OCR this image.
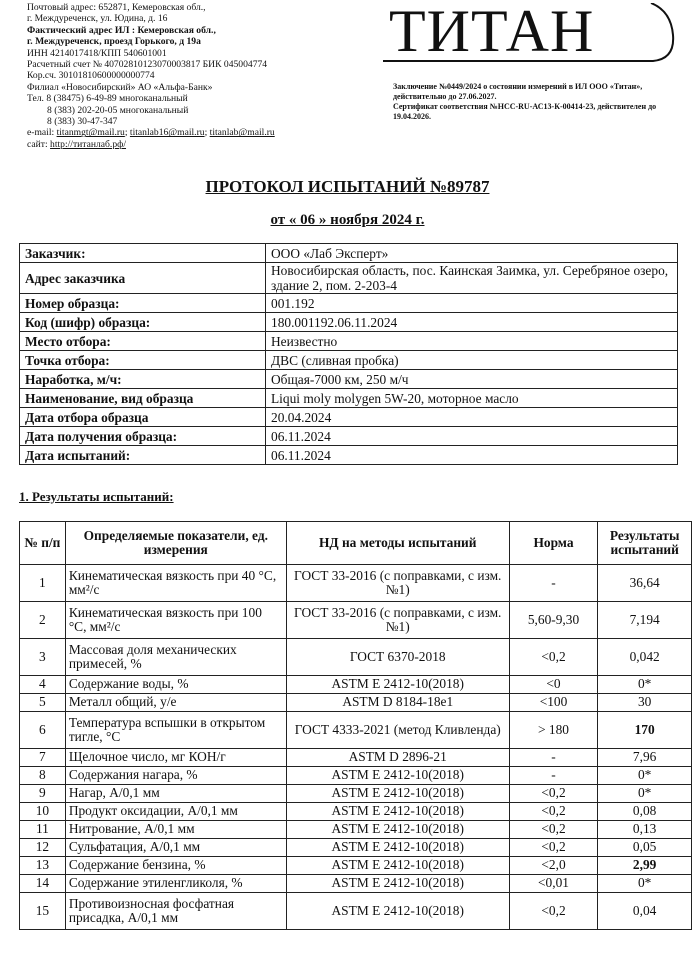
Почтовый адрес: 652871, Кемеровская обл.,
г. Междуреченск, ул. Юдина, д. 16
Фактический адрес ИЛ : Кемеровская обл.,
г. Междуреченск, проезд Горького, д 19а
ИНН 4214017418/КПП 540601001
Расчетный счет № 40702810123070003817 БИК 045004774
Кор.сч. 30101810600000000774
Филиал «Новосибирский» АО «Альфа-Банк»
Тел. 8 (38475) 6-49-89 многоканальный
8 (383) 202-20-05 многоканальный
8 (383) 30-47-347
e-mail: titanmgt@mail.ru; titanlab16@mail.ru; titanlab@mail.ru
сайт: http://титанлаб.рф/
ТИТАН
Заключение №0449/2024 о состоянии измерений в ИЛ ООО «Титан», действительно до 27.06.2027.
Сертификат соответствия №НСС-RU-АС13-К-00414-23, действителен до 19.04.2026.
ПРОТОКОЛ ИСПЫТАНИЙ №89787
от « 06 » ноября 2024 г.
Заказчик:	ООО «Лаб Эксперт»
Адрес заказчика	Новосибирская область, пос. Каинская Заимка, ул. Серебряное озеро, здание 2, пом. 2-203-4
Номер образца:	001.192
Код (шифр) образца:	180.001192.06.11.2024
Место отбора:	Неизвестно
Точка отбора:	ДВС (сливная пробка)
Наработка, м/ч:	Общая-7000 км, 250 м/ч
Наименование, вид образца	Liqui moly molygen 5W-20, моторное масло
Дата отбора образца	20.04.2024
Дата получения образца:	06.11.2024
Дата испытаний:	06.11.2024
1. Результаты испытаний:
№ п/п	Определяемые показатели, ед. измерения	НД на методы испытаний	Норма	Результаты испытаний
1	Кинематическая вязкость при 40 °С, мм²/с	ГОСТ 33-2016 (с поправками, с изм. №1)	-	36,64
2	Кинематическая вязкость при 100 °С, мм²/с	ГОСТ 33-2016 (с поправками, с изм. №1)	5,60-9,30	7,194
3	Массовая доля механических примесей, %	ГОСТ 6370-2018	<0,2	0,042
4	Содержание воды, %	ASTM E 2412-10(2018)	<0	0*
5	Металл общий, у/е	ASTM D 8184-18e1	<100	30
6	Температура вспышки в открытом тигле, °С	ГОСТ 4333-2021 (метод Кливленда)	> 180	170
7	Щелочное число, мг КОН/г	ASTM D 2896-21	-	7,96
8	Содержания нагара, %	ASTM E 2412-10(2018)	-	0*
9	Нагар, А/0,1 мм	ASTM E 2412-10(2018)	<0,2	0*
10	Продукт оксидации, А/0,1 мм	ASTM E 2412-10(2018)	<0,2	0,08
11	Нитрование, А/0,1 мм	ASTM E 2412-10(2018)	<0,2	0,13
12	Сульфатация, А/0,1 мм	ASTM E 2412-10(2018)	<0,2	0,05
13	Содержание бензина, %	ASTM E 2412-10(2018)	<2,0	2,99
14	Содержание этиленгликоля, %	ASTM E 2412-10(2018)	<0,01	0*
15	Противоизносная фосфатная присадка, А/0,1 мм	ASTM E 2412-10(2018)	<0,2	0,04
